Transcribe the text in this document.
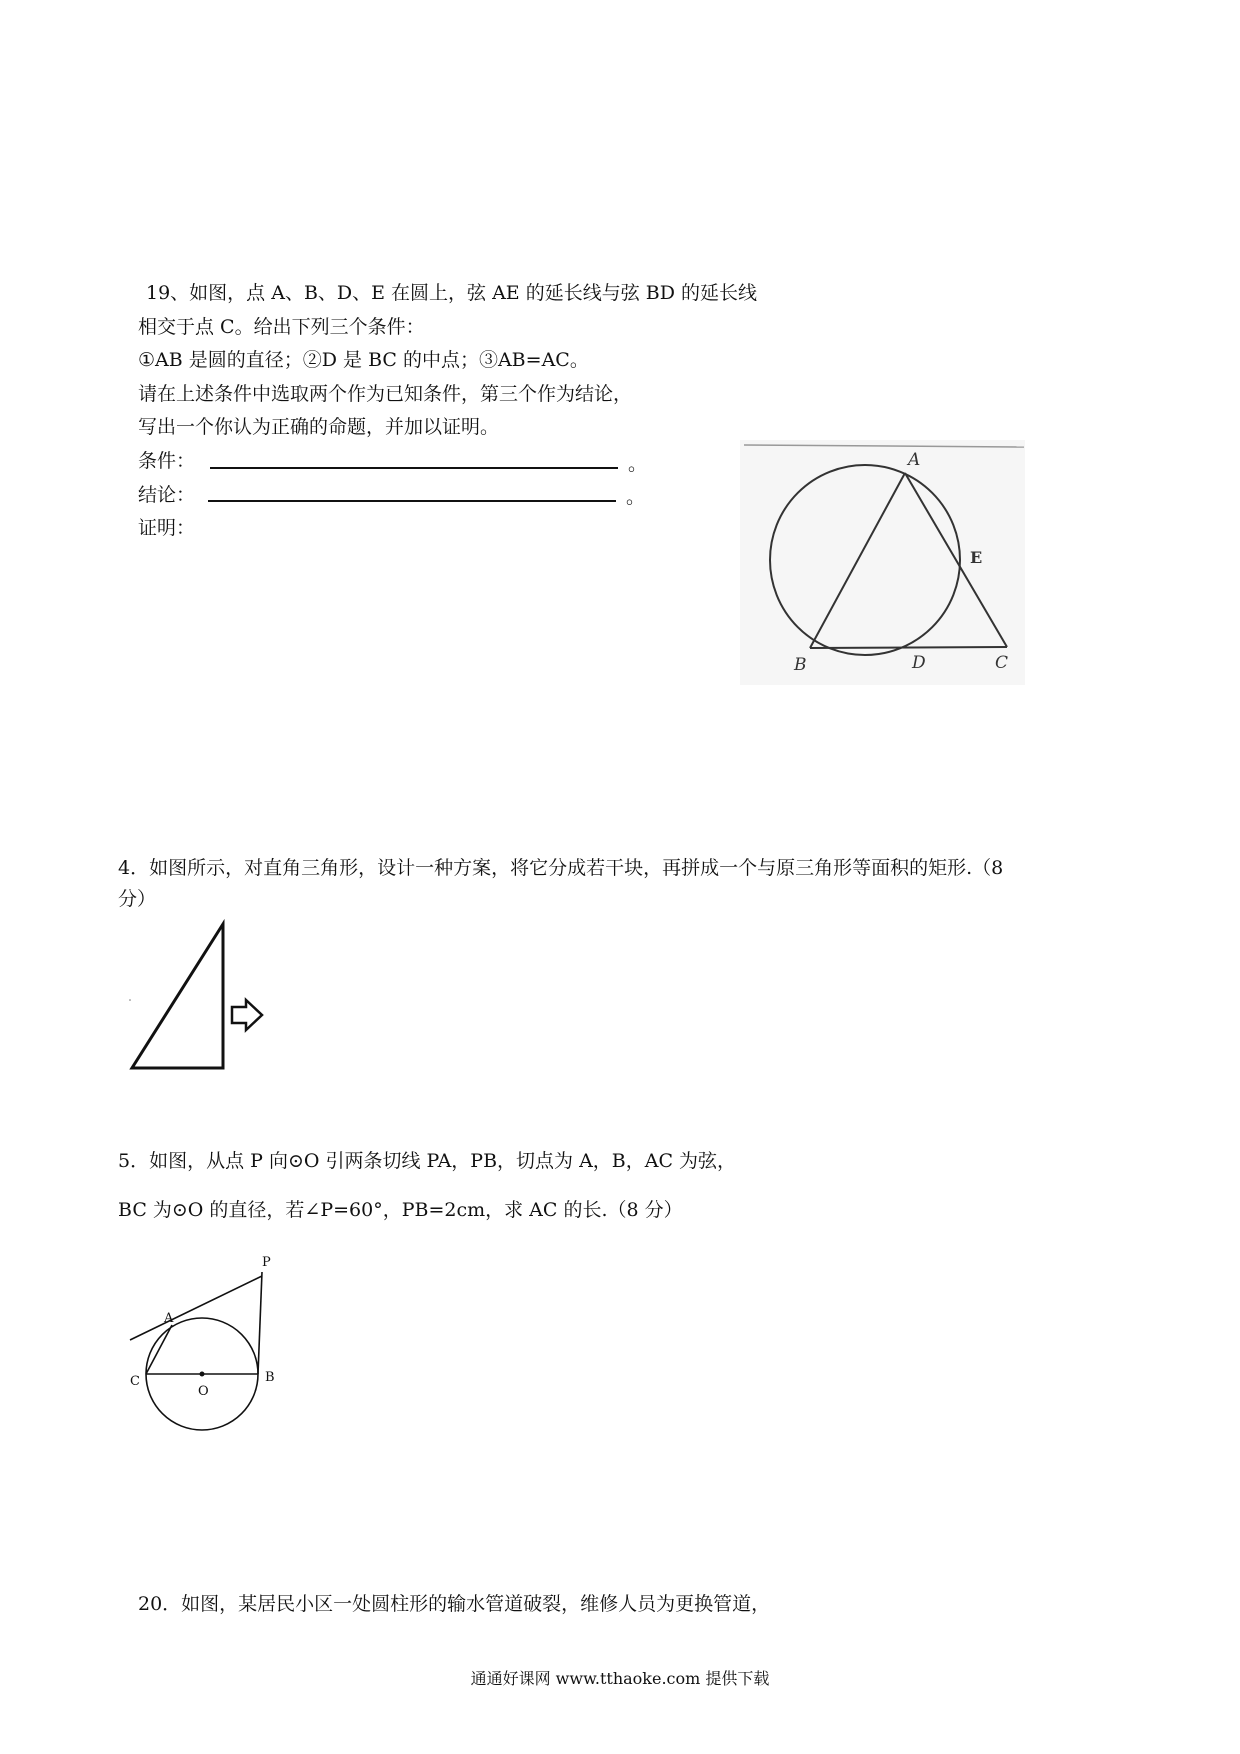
19、如图，点 A、B、D、E 在圆上，弦 AE 的延长线与弦 BD 的延长线
相交于点 C。给出下列三个条件：
①AB 是圆的直径；②D 是 BC 的中点；③AB=AC。
请在上述条件中选取两个作为已知条件，第三个作为结论，
写出一个你认为正确的命题，并加以证明。
条件：	。
结论：	。
证明：
A
E
B	D	C
4．如图所示，对直角三角形，设计一种方案，将它分成若干块，再拼成一个与原三角形等面积的矩形.（8
分）
5．如图，从点 P 向⊙O 引两条切线 PA，PB，切点为 A，B，AC 为弦，
BC 为⊙O 的直径，若∠P=60°，PB=2cm，求 AC 的长.（8 分）
P
A
C
O
B
20．如图，某居民小区一处圆柱形的输水管道破裂，维修人员为更换管道，
通通好课网 www.tthaoke.com 提供下载
